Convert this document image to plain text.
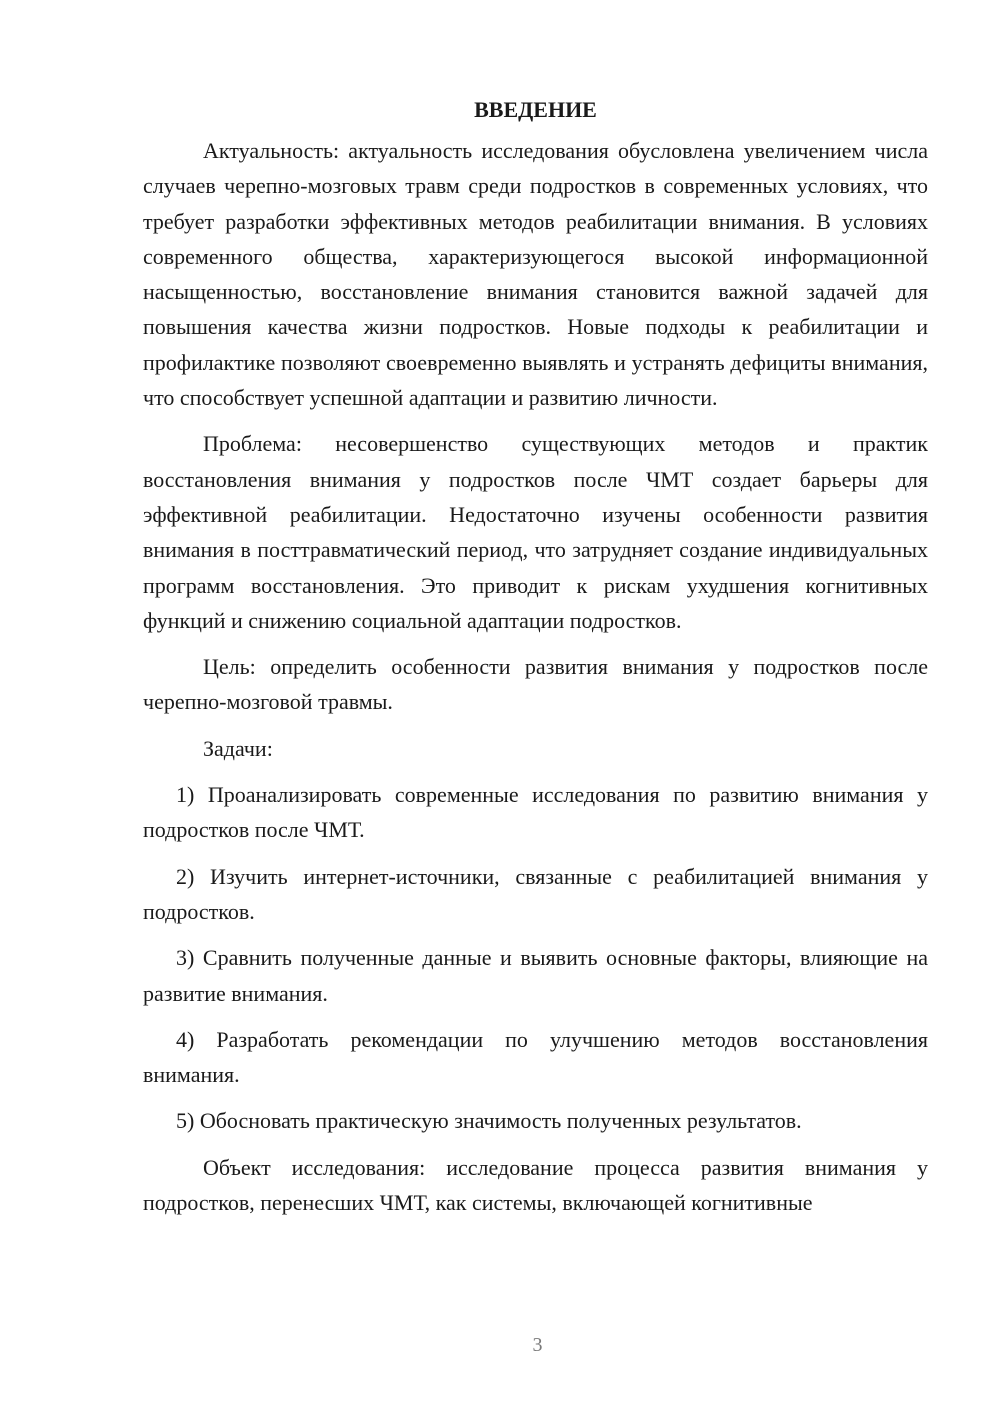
ВВЕДЕНИЕ

Актуальность: актуальность исследования обусловлена увеличением числа случаев черепно-мозговых травм среди подростков в современных условиях, что требует разработки эффективных методов реабилитации внимания. В условиях современного общества, характеризующегося высокой информационной насыщенностью, восстановление внимания становится важной задачей для повышения качества жизни подростков. Новые подходы к реабилитации и профилактике позволяют своевременно выявлять и устранять дефициты внимания, что способствует успешной адаптации и развитию личности.

Проблема: несовершенство существующих методов и практик восстановления внимания у подростков после ЧМТ создает барьеры для эффективной реабилитации. Недостаточно изучены особенности развития внимания в посттравматический период, что затрудняет создание индивидуальных программ восстановления. Это приводит к рискам ухудшения когнитивных функций и снижению социальной адаптации подростков.

Цель: определить особенности развития внимания у подростков после черепно-мозговой травмы.

Задачи:

1) Проанализировать современные исследования по развитию внимания у подростков после ЧМТ.

2) Изучить интернет-источники, связанные с реабилитацией внимания у подростков.

3) Сравнить полученные данные и выявить основные факторы, влияющие на развитие внимания.

4) Разработать рекомендации по улучшению методов восстановления внимания.

5) Обосновать практическую значимость полученных результатов.

Объект исследования: исследование процесса развития внимания у подростков, перенесших ЧМТ, как системы, включающей когнитивные

3
